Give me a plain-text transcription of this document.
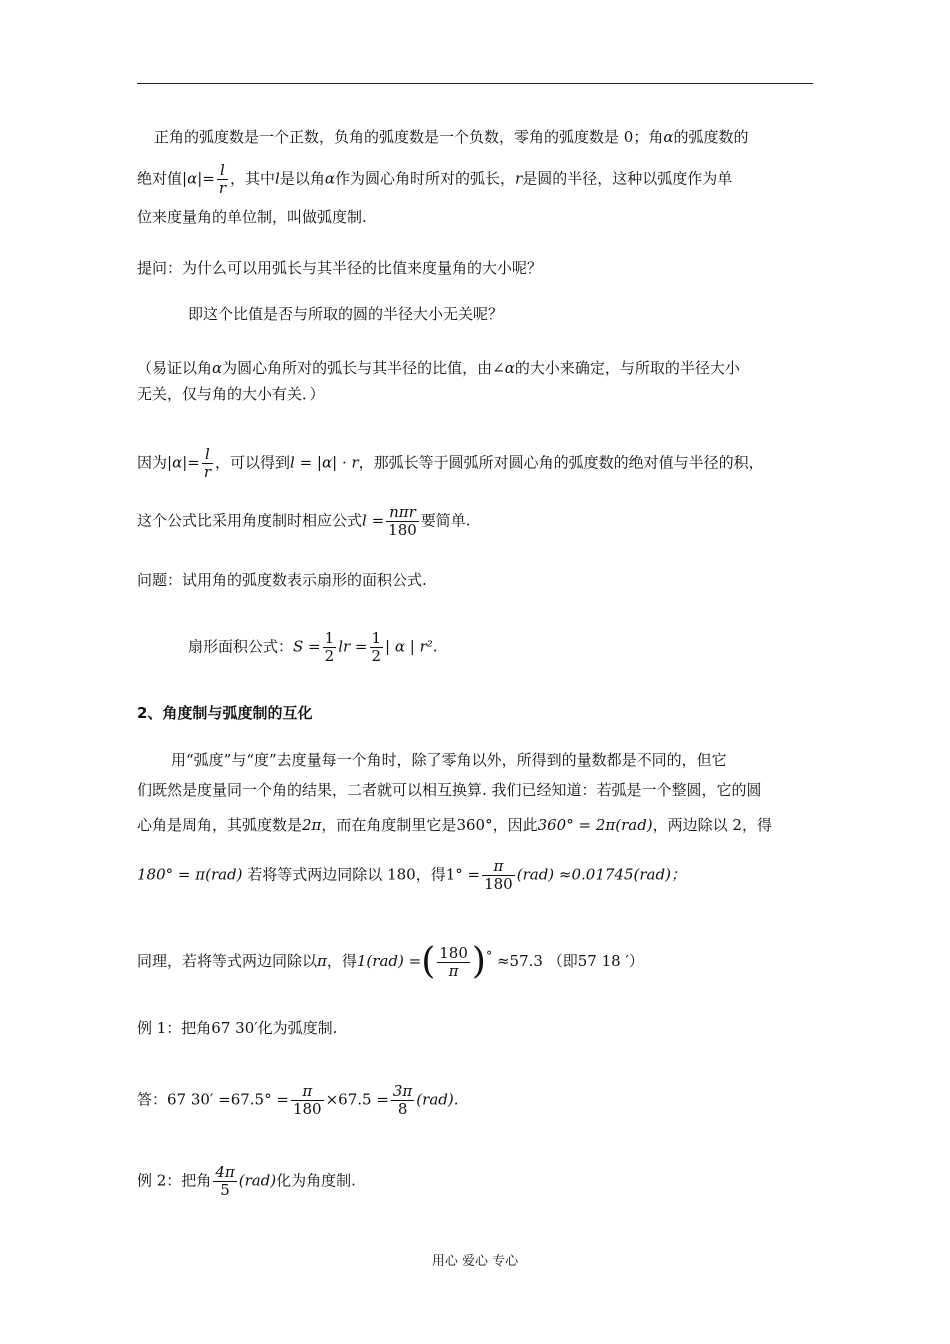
正角的弧度数是一个正数，负角的弧度数是一个负数，零角的弧度数是 0；角α的弧度数的
绝对值$|\alpha|= \frac{l}{r}$ ，其中l是以角α作为圆心角时所对的弧长，r是圆的半径，这种以弧度作为单
位来度量角的单位制，叫做弧度制.
提问：为什么可以用弧长与其半径的比值来度量角的大小呢？
即这个比值是否与所取的圆的半径大小无关呢？
（易证以角α为圆心角所对的弧长与其半径的比值，由∠α的大小来确定，与所取的半径大小
无关，仅与角的大小有关．）
因为$|\alpha|= \frac{l}{r}$ ，可以得到l = |α| · r，那弧长等于圆弧所对圆心角的弧度数的绝对值与半径的积，
这个公式比采用角度制时相应公式$l = \frac{\text{nπr}}{180}$ 要简单.
问题：试用角的弧度数表示扇形的面积公式.
扇形面积公式：$S = \frac{1}{2}$ lr = $\frac{1}{2}$ | α | r².
2、角度制与弧度制的互化
用“弧度”与“度”去度量每一个角时，除了零角以外，所得到的量数都是不同的，但它
们既然是度量同一个角的结果，二者就可以相互换算. 我们已经知道：若弧是一个整圆，它的圆
心角是周角，其弧度数是2π，而在角度制里它是360°，因此360° = 2π(rad)，两边除以 2，得
180° = π(rad) 若将等式两边同除以 180，得$1^\circ = \frac{\pi}{180} (rad) \approx 0.01745(rad)$；
同理，若将等式两边同除以π，得1(rad) =( $\frac{180}{\pi} )^\circ \approx 57.3$ （即57 18 ′）
例 1：把角67 30′化为弧度制.
答：67 $30' =67.5^\circ = \frac{\pi}{180} \times 67.5 = \frac{3\pi}{8} (rad)$.
例 2：把角 $\frac{4\pi}{5} (rad)$化为角度制.
用心 爱心 专心
